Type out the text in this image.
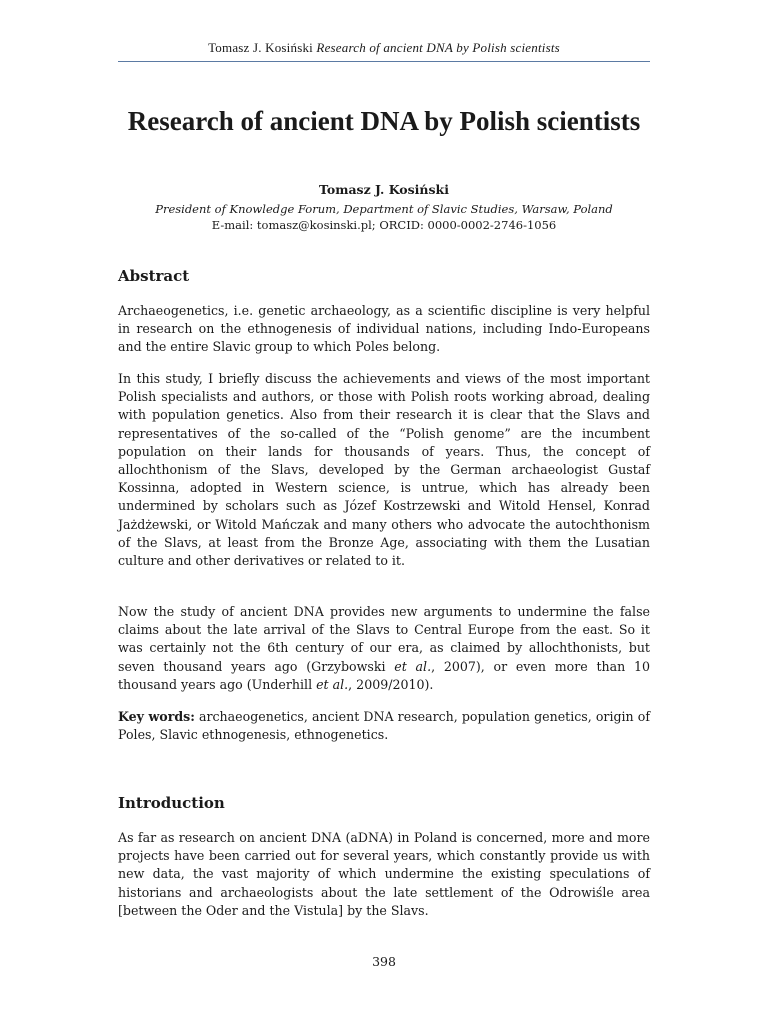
Tomasz J. Kosiński Research of ancient DNA by Polish scientists
Research of ancient DNA by Polish scientists
Tomasz J. Kosiński
President of Knowledge Forum, Department of Slavic Studies, Warsaw, Poland
E-mail: tomasz@kosinski.pl; ORCID: 0000-0002-2746-1056
Abstract

Archaeogenetics, i.e. genetic archaeology, as a scientific discipline is very helpful in research on the ethnogenesis of individual nations, including Indo-Europeans and the entire Slavic group to which Poles belong.

In this study, I briefly discuss the achievements and views of the most important Polish specialists and authors, or those with Polish roots working abroad, dealing with population genetics. Also from their research it is clear that the Slavs and representatives of the so-called of the “Polish genome” are the incumbent population on their lands for thousands of years. Thus, the concept of allochthonism of the Slavs, developed by the German archaeologist Gustaf Kossinna, adopted in Western science, is untrue, which has already been undermined by scholars such as Józef Kostrzewski and Witold Hensel, Konrad Jażdżewski, or Witold Mańczak and many others who advocate the autochthonism of the Slavs, at least from the Bronze Age, associating with them the Lusatian culture and other derivatives or related to it.

Now the study of ancient DNA provides new arguments to undermine the false claims about the late arrival of the Slavs to Central Europe from the east. So it was certainly not the 6th century of our era, as claimed by allochthonists, but seven thousand years ago (Grzybowski et al., 2007), or even more than 10 thousand years ago (Underhill et al., 2009/2010).

Key words: archaeogenetics, ancient DNA research, population genetics, origin of Poles, Slavic ethnogenesis, ethnogenetics.

Introduction

As far as research on ancient DNA (aDNA) in Poland is concerned, more and more projects have been carried out for several years, which constantly provide us with new data, the vast majority of which undermine the existing speculations of historians and archaeologists about the late settlement of the Odrowiśle area [between the Oder and the Vistula] by the Slavs.

398
